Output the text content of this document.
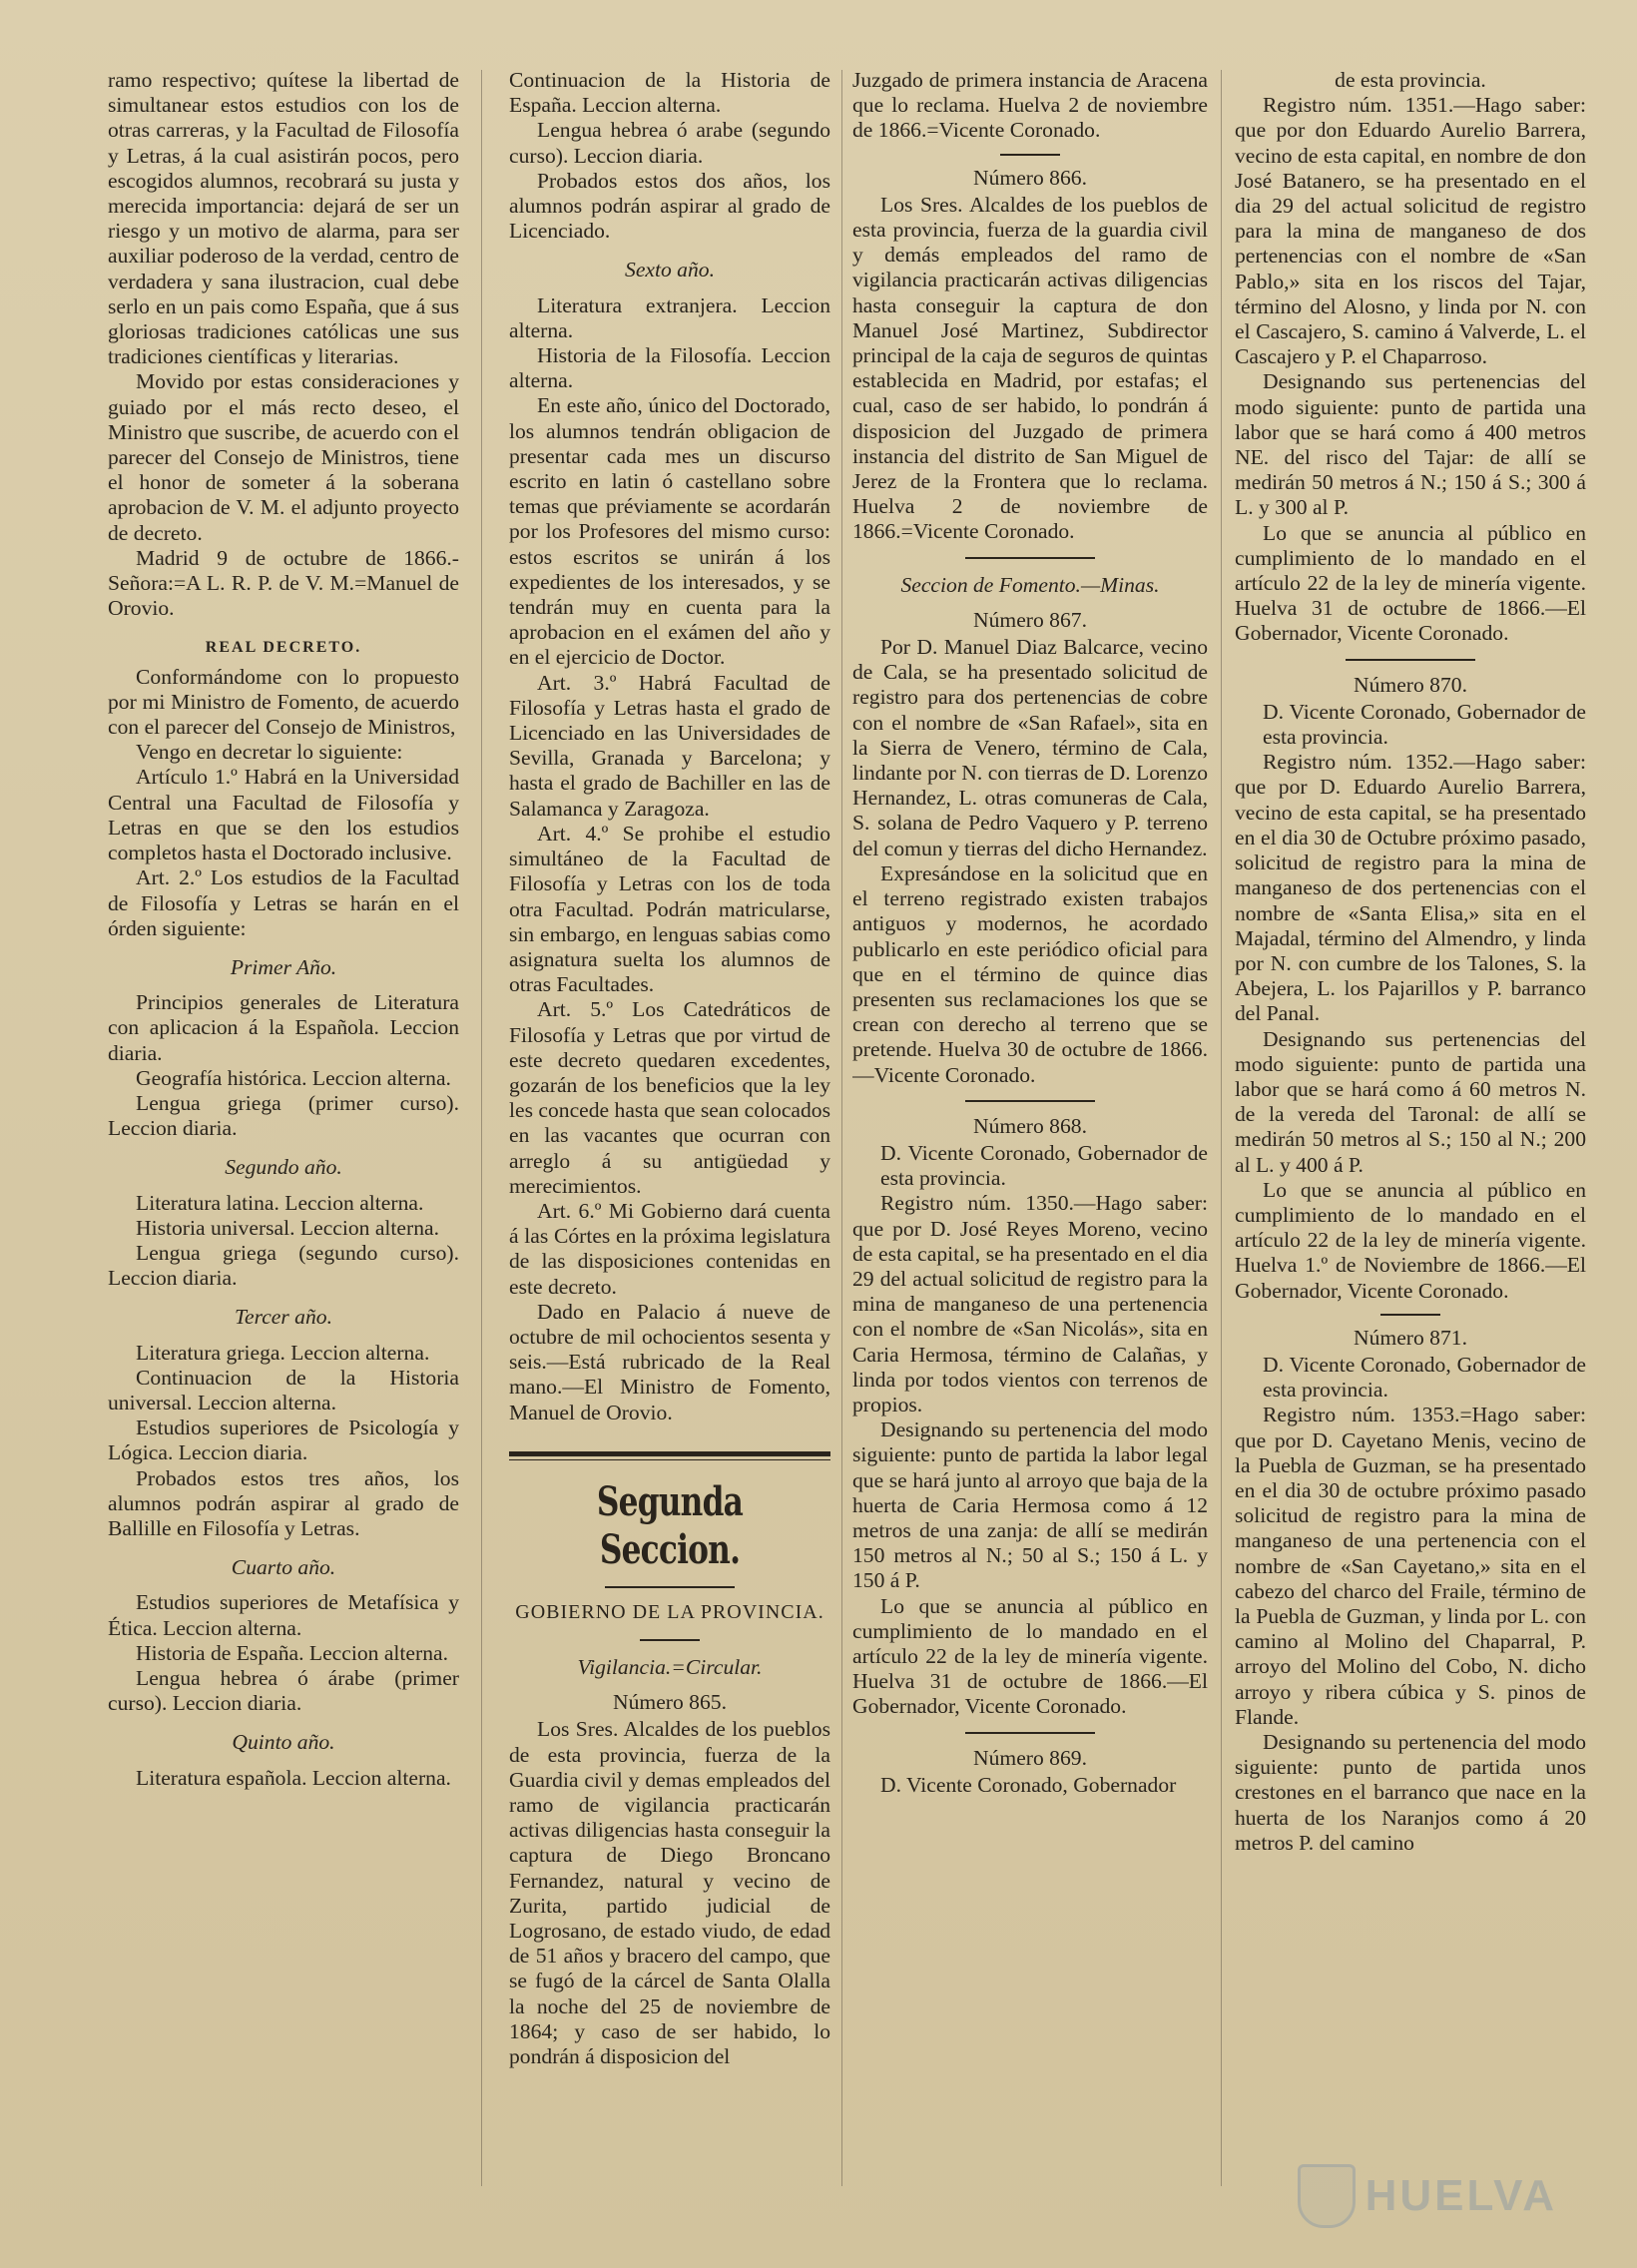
ramo respectivo; quítese la libertad de simultanear estos estudios con los de otras carreras, y la Facultad de Filosofía y Letras, á la cual asistirán pocos, pero escogidos alumnos, recobrará su justa y merecida importancia: dejará de ser un riesgo y un motivo de alarma, para ser auxiliar poderoso de la verdad, centro de verdadera y sana ilustracion, cual debe serlo en un pais como España, que á sus gloriosas tradiciones católicas une sus tradiciones científicas y literarias.

Movido por estas consideraciones y guiado por el más recto deseo, el Ministro que suscribe, de acuerdo con el parecer del Consejo de Ministros, tiene el honor de someter á la soberana aprobacion de V. M. el adjunto proyecto de decreto.

Madrid 9 de octubre de 1866.-Señora:=A L. R. P. de V. M.=Manuel de Orovio.

REAL DECRETO.

Conformándome con lo propuesto por mi Ministro de Fomento, de acuerdo con el parecer del Consejo de Ministros,

Vengo en decretar lo siguiente:

Artículo 1.º Habrá en la Universidad Central una Facultad de Filosofía y Letras en que se den los estudios completos hasta el Doctorado inclusive.

Art. 2.º Los estudios de la Facultad de Filosofía y Letras se harán en el órden siguiente:

Primer Año.

Principios generales de Literatura con aplicacion á la Española. Leccion diaria.

Geografía histórica. Leccion alterna.

Lengua griega (primer curso). Leccion diaria.

Segundo año.

Literatura latina. Leccion alterna.

Historia universal. Leccion alterna.

Lengua griega (segundo curso). Leccion diaria.

Tercer año.

Literatura griega. Leccion alterna.

Continuacion de la Historia universal. Leccion alterna.

Estudios superiores de Psicología y Lógica. Leccion diaria.

Probados estos tres años, los alumnos podrán aspirar al grado de Ballille en Filosofía y Letras.

Cuarto año.

Estudios superiores de Metafísica y Ética. Leccion alterna.

Historia de España. Leccion alterna.

Lengua hebrea ó árabe (primer curso). Leccion diaria.

Quinto año.

Literatura española. Leccion alterna.

Continuacion de la Historia de España. Leccion alterna.

Lengua hebrea ó arabe (segundo curso). Leccion diaria.

Probados estos dos años, los alumnos podrán aspirar al grado de Licenciado.

Sexto año.

Literatura extranjera. Leccion alterna.

Historia de la Filosofía. Leccion alterna.

En este año, único del Doctorado, los alumnos tendrán obligacion de presentar cada mes un discurso escrito en latin ó castellano sobre temas que préviamente se acordarán por los Profesores del mismo curso: estos escritos se unirán á los expedientes de los interesados, y se tendrán muy en cuenta para la aprobacion en el exámen del año y en el ejercicio de Doctor.

Art. 3.º Habrá Facultad de Filosofía y Letras hasta el grado de Licenciado en las Universidades de Sevilla, Granada y Barcelona; y hasta el grado de Bachiller en las de Salamanca y Zaragoza.

Art. 4.º Se prohibe el estudio simultáneo de la Facultad de Filosofía y Letras con los de toda otra Facultad. Podrán matricularse, sin embargo, en lenguas sabias como asignatura suelta los alumnos de otras Facultades.

Art. 5.º Los Catedráticos de Filosofía y Letras que por virtud de este decreto quedaren excedentes, gozarán de los beneficios que la ley les concede hasta que sean colocados en las vacantes que ocurran con arreglo á su antigüedad y merecimientos.

Art. 6.º Mi Gobierno dará cuenta á las Córtes en la próxima legislatura de las disposiciones contenidas en este decreto.

Dado en Palacio á nueve de octubre de mil ochocientos sesenta y seis.—Está rubricado de la Real mano.—El Ministro de Fomento, Manuel de Orovio.

Segunda Seccion.
GOBIERNO DE LA PROVINCIA.
Vigilancia.=Circular.
Número 865.

Los Sres. Alcaldes de los pueblos de esta provincia, fuerza de la Guardia civil y demas empleados del ramo de vigilancia practicarán activas diligencias hasta conseguir la captura de Diego Broncano Fernandez, natural y vecino de Zurita, partido judicial de Logrosano, de estado viudo, de edad de 51 años y bracero del campo, que se fugó de la cárcel de Santa Olalla la noche del 25 de noviembre de 1864; y caso de ser habido, lo pondrán á disposicion del

Juzgado de primera instancia de Aracena que lo reclama. Huelva 2 de noviembre de 1866.=Vicente Coronado.

Número 866.

Los Sres. Alcaldes de los pueblos de esta provincia, fuerza de la guardia civil y demás empleados del ramo de vigilancia practicarán activas diligencias hasta conseguir la captura de don Manuel José Martinez, Subdirector principal de la caja de seguros de quintas establecida en Madrid, por estafas; el cual, caso de ser habido, lo pondrán á disposicion del Juzgado de primera instancia del distrito de San Miguel de Jerez de la Frontera que lo reclama. Huelva 2 de noviembre de 1866.=Vicente Coronado.

Seccion de Fomento.—Minas.
Número 867.

Por D. Manuel Diaz Balcarce, vecino de Cala, se ha presentado solicitud de registro para dos pertenencias de cobre con el nombre de «San Rafael», sita en la Sierra de Venero, término de Cala, lindante por N. con tierras de D. Lorenzo Hernandez, L. otras comuneras de Cala, S. solana de Pedro Vaquero y P. terreno del comun y tierras del dicho Hernandez.

Expresándose en la solicitud que en el terreno registrado existen trabajos antiguos y modernos, he acordado publicarlo en este periódico oficial para que en el término de quince dias presenten sus reclamaciones los que se crean con derecho al terreno que se pretende. Huelva 30 de octubre de 1866. —Vicente Coronado.

Número 868.

D. Vicente Coronado, Gobernador de esta provincia.

Registro núm. 1350.—Hago saber: que por D. José Reyes Moreno, vecino de esta capital, se ha presentado en el dia 29 del actual solicitud de registro para la mina de manganeso de una pertenencia con el nombre de «San Nicolás», sita en Caria Hermosa, término de Calañas, y linda por todos vientos con terrenos de propios.

Designando su pertenencia del modo siguiente: punto de partida la labor legal que se hará junto al arroyo que baja de la huerta de Caria Hermosa como á 12 metros de una zanja: de allí se medirán 150 metros al N.; 50 al S.; 150 á L. y 150 á P.

Lo que se anuncia al público en cumplimiento de lo mandado en el artículo 22 de la ley de minería vigente. Huelva 31 de octubre de 1866.—El Gobernador, Vicente Coronado.

Número 869.

D. Vicente Coronado, Gobernador

de esta provincia.

Registro núm. 1351.—Hago saber: que por don Eduardo Aurelio Barrera, vecino de esta capital, en nombre de don José Batanero, se ha presentado en el dia 29 del actual solicitud de registro para la mina de manganeso de dos pertenencias con el nombre de «San Pablo,» sita en los riscos del Tajar, término del Alosno, y linda por N. con el Cascajero, S. camino á Valverde, L. el Cascajero y P. el Chaparroso.

Designando sus pertenencias del modo siguiente: punto de partida una labor que se hará como á 400 metros NE. del risco del Tajar: de allí se medirán 50 metros á N.; 150 á S.; 300 á L. y 300 al P.

Lo que se anuncia al público en cumplimiento de lo mandado en el artículo 22 de la ley de minería vigente. Huelva 31 de octubre de 1866.—El Gobernador, Vicente Coronado.

Número 870.

D. Vicente Coronado, Gobernador de esta provincia.

Registro núm. 1352.—Hago saber: que por D. Eduardo Aurelio Barrera, vecino de esta capital, se ha presentado en el dia 30 de Octubre próximo pasado, solicitud de registro para la mina de manganeso de dos pertenencias con el nombre de «Santa Elisa,» sita en el Majadal, término del Almendro, y linda por N. con cumbre de los Talones, S. la Abejera, L. los Pajarillos y P. barranco del Panal.

Designando sus pertenencias del modo siguiente: punto de partida una labor que se hará como á 60 metros N. de la vereda del Taronal: de allí se medirán 50 metros al S.; 150 al N.; 200 al L. y 400 á P.

Lo que se anuncia al público en cumplimiento de lo mandado en el artículo 22 de la ley de minería vigente. Huelva 1.º de Noviembre de 1866.—El Gobernador, Vicente Coronado.

Número 871.

D. Vicente Coronado, Gobernador de esta provincia.

Registro núm. 1353.=Hago saber: que por D. Cayetano Menis, vecino de la Puebla de Guzman, se ha presentado en el dia 30 de octubre próximo pasado solicitud de registro para la mina de manganeso de una pertenencia con el nombre de «San Cayetano,» sita en el cabezo del charco del Fraile, término de la Puebla de Guzman, y linda por L. con camino al Molino del Chaparral, P. arroyo del Molino del Cobo, N. dicho arroyo y ribera cúbica y S. pinos de Flande.

Designando su pertenencia del modo siguiente: punto de partida unos crestones en el barranco que nace en la huerta de los Naranjos como á 20 metros P. del camino

HUELVA
